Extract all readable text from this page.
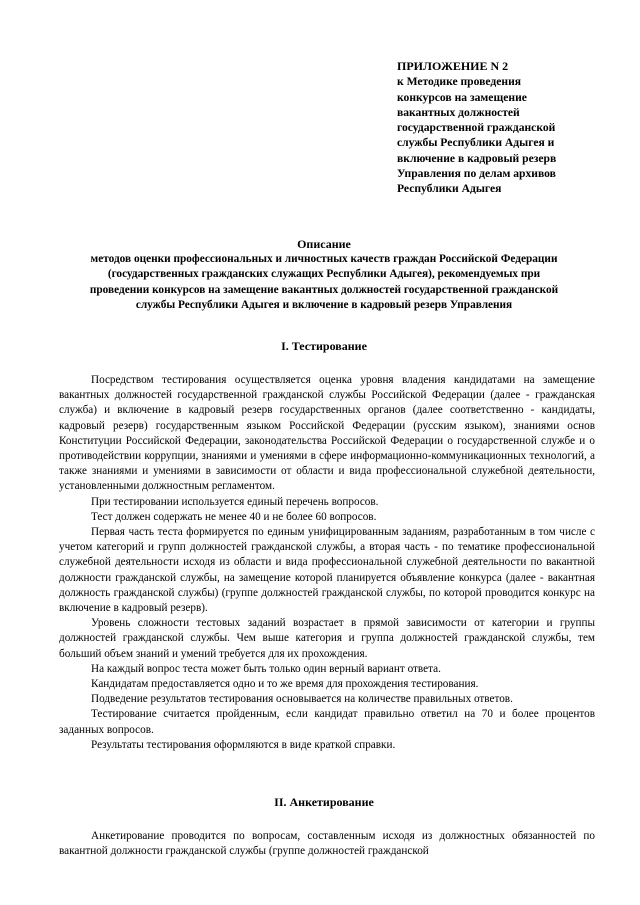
ПРИЛОЖЕНИЕ N 2
к Методике проведения
конкурсов на замещение
вакантных должностей
государственной гражданской
службы Республики Адыгея и
включение в кадровый резерв
Управления по делам архивов
Республики Адыгея
Описание
методов оценки профессиональных и личностных качеств граждан Российской Федерации
(государственных гражданских служащих Республики Адыгея), рекомендуемых при
проведении конкурсов на замещение вакантных должностей государственной гражданской
службы Республики Адыгея и включение в кадровый резерв Управления
I. Тестирование

Посредством тестирования осуществляется оценка уровня владения кандидатами на замещение вакантных должностей государственной гражданской службы Российской Федерации (далее - гражданская служба) и включение в кадровый резерв государственных органов (далее соответственно - кандидаты, кадровый резерв) государственным языком Российской Федерации (русским языком), знаниями основ Конституции Российской Федерации, законодательства Российской Федерации о государственной службе и о противодействии коррупции, знаниями и умениями в сфере информационно-коммуникационных технологий, а также знаниями и умениями в зависимости от области и вида профессиональной служебной деятельности, установленными должностным регламентом.

При тестировании используется единый перечень вопросов.

Тест должен содержать не менее 40 и не более 60 вопросов.

Первая часть теста формируется по единым унифицированным заданиям, разработанным в том числе с учетом категорий и групп должностей гражданской службы, а вторая часть - по тематике профессиональной служебной деятельности исходя из области и вида профессиональной служебной деятельности по вакантной должности гражданской службы, на замещение которой планируется объявление конкурса (далее - вакантная должность гражданской службы) (группе должностей гражданской службы, по которой проводится конкурс на включение в кадровый резерв).

Уровень сложности тестовых заданий возрастает в прямой зависимости от категории и группы должностей гражданской службы. Чем выше категория и группа должностей гражданской службы, тем больший объем знаний и умений требуется для их прохождения.

На каждый вопрос теста может быть только один верный вариант ответа.

Кандидатам предоставляется одно и то же время для прохождения тестирования.

Подведение результатов тестирования основывается на количестве правильных ответов.

Тестирование считается пройденным, если кандидат правильно ответил на 70 и более процентов заданных вопросов.

Результаты тестирования оформляются в виде краткой справки.

II. Анкетирование

Анкетирование проводится по вопросам, составленным исходя из должностных обязанностей по вакантной должности гражданской службы (группе должностей гражданской
